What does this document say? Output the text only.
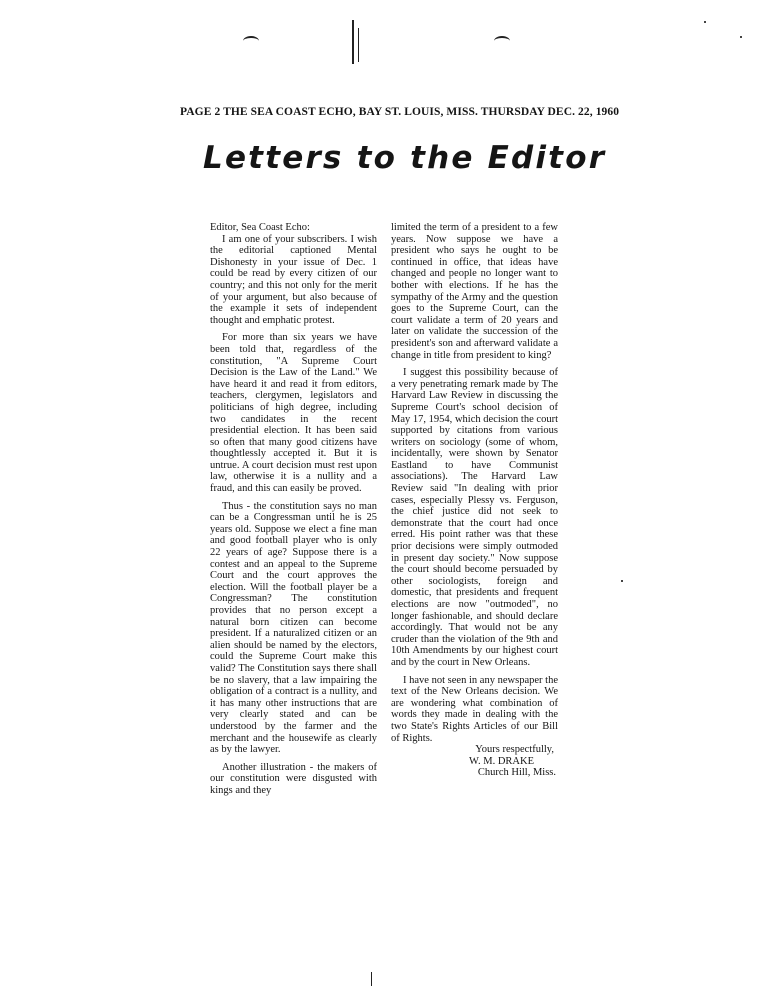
PAGE 2 THE SEA COAST ECHO, BAY ST. LOUIS, MISS. THURSDAY DEC. 22, 1960
Letters to the Editor

Editor, Sea Coast Echo:

I am one of your subscribers. I wish the editorial captioned Mental Dishonesty in your issue of Dec. 1 could be read by every citizen of our country; and this not only for the merit of your argument, but also because of the example it sets of independent thought and emphatic protest.

For more than six years we have been told that, regardless of the constitution, "A Supreme Court Decision is the Law of the Land." We have heard it and read it from editors, teachers, clergymen, legislators and politicians of high degree, including two candidates in the recent presidential election. It has been said so often that many good citizens have thoughtlessly accepted it. But it is untrue. A court decision must rest upon law, otherwise it is a nullity and a fraud, and this can easily be proved.

Thus - the constitution says no man can be a Congressman until he is 25 years old. Suppose we elect a fine man and good football player who is only 22 years of age? Suppose there is a contest and an appeal to the Supreme Court and the court approves the election. Will the football player be a Congressman? The constitution provides that no person except a natural born citizen can become president. If a naturalized citizen or an alien should be named by the electors, could the Supreme Court make this valid? The Constitution says there shall be no slavery, that a law impairing the obligation of a contract is a nullity, and it has many other instructions that are very clearly stated and can be understood by the farmer and the merchant and the housewife as clearly as by the lawyer.

Another illustration - the makers of our constitution were disgusted with kings and they

limited the term of a president to a few years. Now suppose we have a president who says he ought to be continued in office, that ideas have changed and people no longer want to bother with elections. If he has the sympathy of the Army and the question goes to the Supreme Court, can the court validate a term of 20 years and later on validate the succession of the president's son and afterward validate a change in title from president to king?

I suggest this possibility because of a very penetrating remark made by The Harvard Law Review in discussing the Supreme Court's school decision of May 17, 1954, which decision the court supported by citations from various writers on sociology (some of whom, incidentally, were shown by Senator Eastland to have Communist associations). The Harvard Law Review said "In dealing with prior cases, especially Plessy vs. Ferguson, the chief justice did not seek to demonstrate that the court had once erred. His point rather was that these prior decisions were simply outmoded in present day society." Now suppose the court should become persuaded by other sociologists, foreign and domestic, that presidents and frequent elections are now "outmoded", no longer fashionable, and should declare accordingly. That would not be any cruder than the violation of the 9th and 10th Amendments by our highest court and by the court in New Orleans.

I have not seen in any newspaper the text of the New Orleans decision. We are wondering what combination of words they made in dealing with the two State's Rights Articles of our Bill of Rights.

Yours respectfully,
W. M. DRAKE
Church Hill, Miss.
